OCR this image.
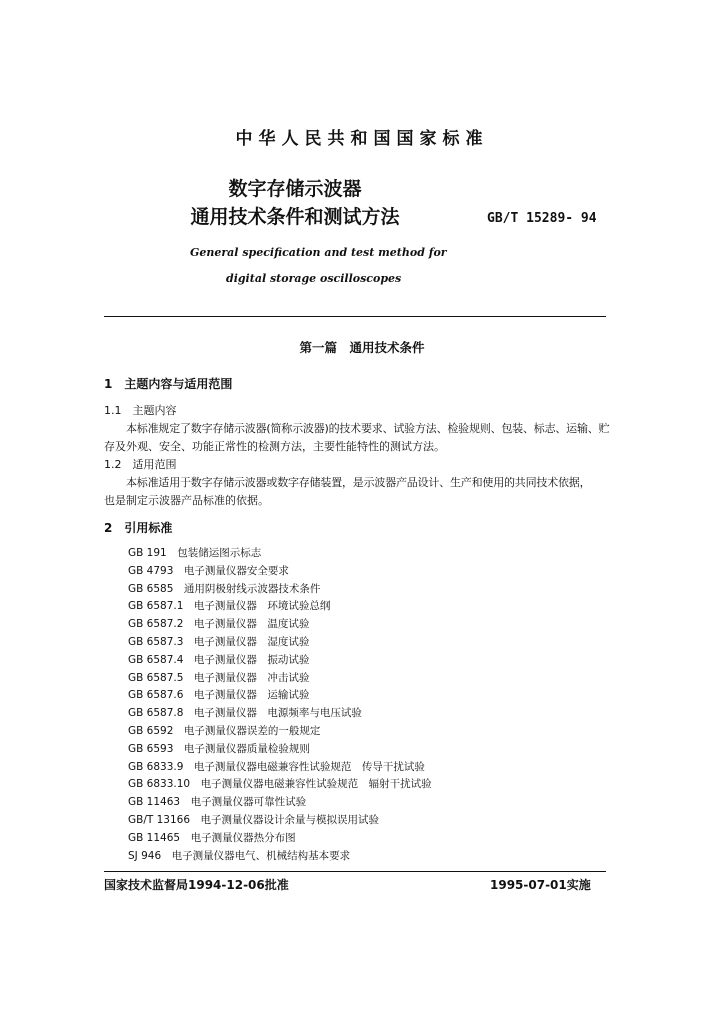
中华人民共和国国家标准
数字存储示波器
通用技术条件和测试方法	GB/T 15289- 94
General specification and test method for
digital storage oscilloscopes
第一篇　通用技术条件
1　主题内容与适用范围
1.1　主题内容
本标准规定了数字存储示波器(简称示波器)的技术要求、试验方法、检验规则、包装、标志、运输、贮
存及外观、安全、功能正常性的检测方法，主要性能特性的测试方法。
1.2　适用范围
本标准适用于数字存储示波器或数字存储装置，是示波器产品设计、生产和使用的共同技术依据，
也是制定示波器产品标准的依据。
2　引用标准
GB 191　包装储运图示标志
GB 4793　电子测量仪器安全要求
GB 6585　通用阴极射线示波器技术条件
GB 6587.1　电子测量仪器　环境试验总纲
GB 6587.2　电子测量仪器　温度试验
GB 6587.3　电子测量仪器　湿度试验
GB 6587.4　电子测量仪器　振动试验
GB 6587.5　电子测量仪器　冲击试验
GB 6587.6　电子测量仪器　运输试验
GB 6587.8　电子测量仪器　电源频率与电压试验
GB 6592　电子测量仪器误差的一般规定
GB 6593　电子测量仪器质量检验规则
GB 6833.9　电子测量仪器电磁兼容性试验规范　传导干扰试验
GB 6833.10　电子测量仪器电磁兼容性试验规范　辐射干扰试验
GB 11463　电子测量仪器可靠性试验
GB/T 13166　电子测量仪器设计余量与模拟误用试验
GB 11465　电子测量仪器热分布图
SJ 946　电子测量仪器电气、机械结构基本要求
国家技术监督局1994-12-06批准	1995-07-01实施
